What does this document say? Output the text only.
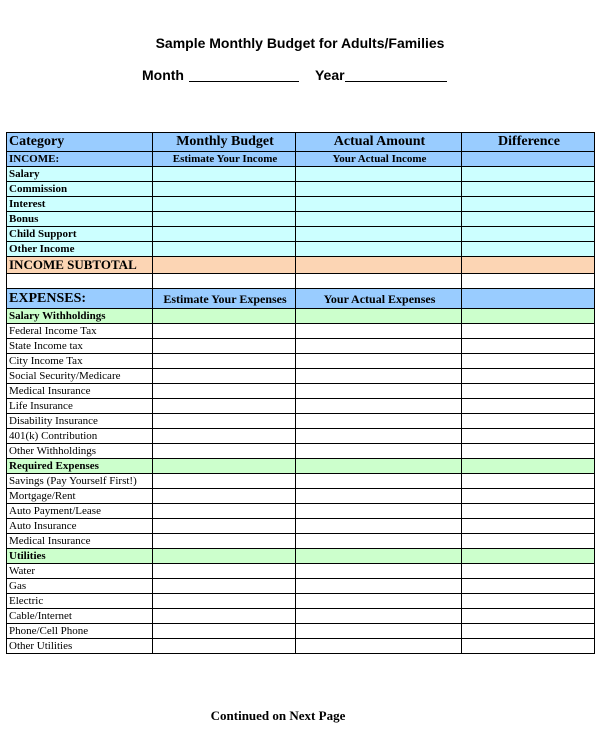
Sample Monthly Budget for Adults/Families
Month	Year
Category	Monthly Budget	Actual Amount	Difference
INCOME:	Estimate Your Income	Your Actual Income	
Salary			
Commission			
Interest			
Bonus			
Child Support			
Other Income			
INCOME SUBTOTAL			

EXPENSES:	Estimate Your Expenses	Your Actual Expenses	
Salary Withholdings			
Federal Income Tax			
State Income tax			
City Income Tax			
Social Security/Medicare			
Medical Insurance			
Life Insurance			
Disability Insurance			
401(k) Contribution			
Other Withholdings			
Required Expenses			
Savings (Pay Yourself First!)			
Mortgage/Rent			
Auto Payment/Lease			
Auto Insurance			
Medical Insurance			
Utilities			
Water			
Gas			
Electric			
Cable/Internet			
Phone/Cell Phone			
Other Utilities			
Continued on Next Page
